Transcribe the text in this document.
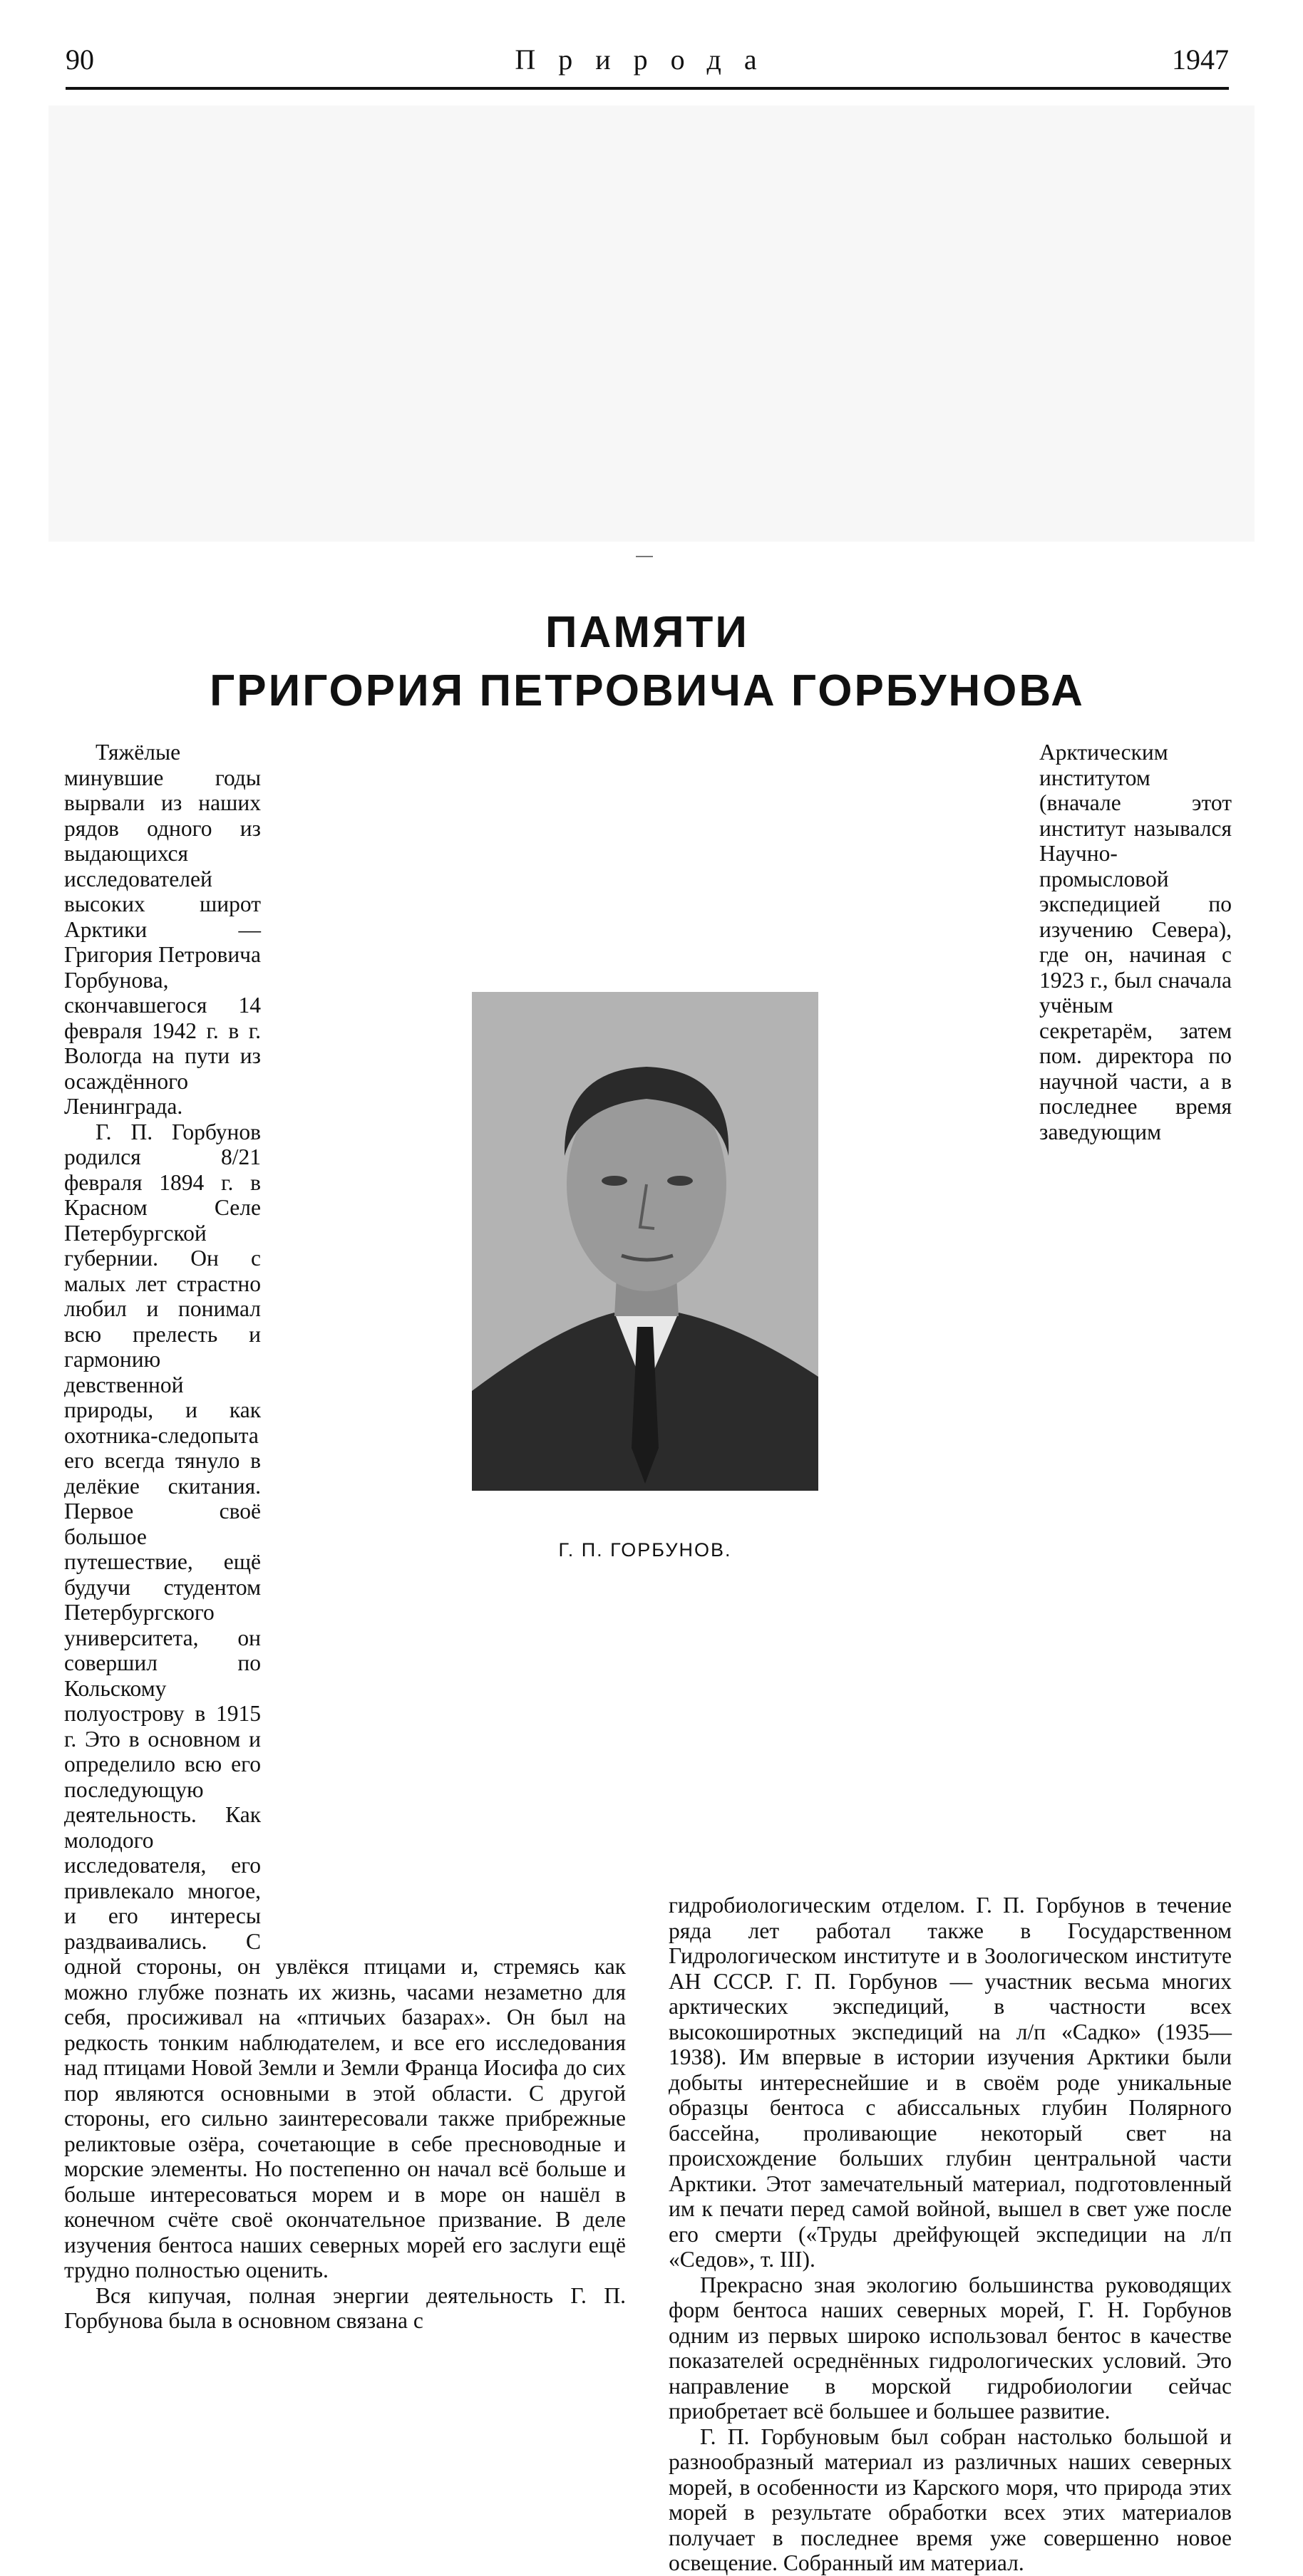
90	Природа	1947
ПАМЯТИ
ГРИГОРИЯ ПЕТРОВИЧА ГОРБУНОВА

Тяжёлые минувшие годы вырвали из наших рядов одного из выдающихся исследователей высоких широт Арктики — Григория Петровича Горбунова, скончавшегося 14 февраля 1942 г. в г. Вологда на пути из осаждённого Ленинграда.

Г. П. Горбунов родился 8/21 февраля 1894 г. в Красном Селе Петербургской губернии. Он с малых лет страстно любил и понимал всю прелесть и гармонию девственной природы, и как охотника-следопыта его всегда тянуло в делёкие скитания. Первое своё большое путешествие, ещё будучи студентом Петербургского университета, он совершил по Кольскому полуострову в 1915 г. Это в основном и определило всю его последующую деятельность. Как молодого исследователя, его привлекало многое, и его интересы раздваивались. С одной стороны, он увлёкся птицами и, стремясь как можно глубже познать их жизнь, часами незаметно для себя, просиживал на «птичьих базарах». Он был на редкость тонким наблюдателем, и все его исследования над птицами Новой Земли и Земли Франца Иосифа до сих пор являются основными в этой области. С другой стороны, его сильно заинтересовали также прибрежные реликтовые озёра, сочетающие в себе пресноводные и морские элементы. Но постепенно он начал всё больше и больше интересоваться морем и в море он нашёл в конечном счёте своё окончательное призвание. В деле изучения бентоса наших северных морей его заслуги ещё трудно полностью оценить.

Вся кипучая, полная энергии деятельность Г. П. Горбунова была в основном связана с

Арктическим институтом (вначале этот институт назывался Научно-промысловой экспедицией по изучению Севера), где он, начиная с 1923 г., был сначала учёным секретарём, затем пом. директора по научной части, а в последнее время заведующим гидробиологическим отделом. Г. П. Горбунов в течение ряда лет работал также в Государственном Гидрологическом институте и в Зоологическом институте АН СССР. Г. П. Горбунов — участник весьма многих арктических экспедиций, в частности всех высокоширотных экспедиций на л/п «Садко» (1935—1938). Им впервые в истории изучения Арктики были добыты интереснейшие и в своём роде уникальные образцы бентоса с абиссальных глубин Полярного бассейна, проливающие некоторый свет на происхождение больших глубин центральной части Арктики. Этот замечательный материал, подготовленный им к печати перед самой войной, вышел в свет уже после его смерти («Труды дрейфующей экспедиции на л/п «Седов», т. III).

Прекрасно зная экологию большинства руководящих форм бентоса наших северных морей, Г. Н. Горбунов одним из первых широко использовал бентос в качестве показателей осреднённых гидрологических условий. Это направление в морской гидробиологии сейчас приобретает всё большее и большее развитие.

Г. П. Горбуновым был собран настолько большой и разнообразный материал из различных наших северных морей, в особенности из Карского моря, что природа этих морей в результате обработки всех этих материалов получает в последнее время уже совершенно новое освещение. Собранный им материал.

Г. П. ГОРБУНОВ.
